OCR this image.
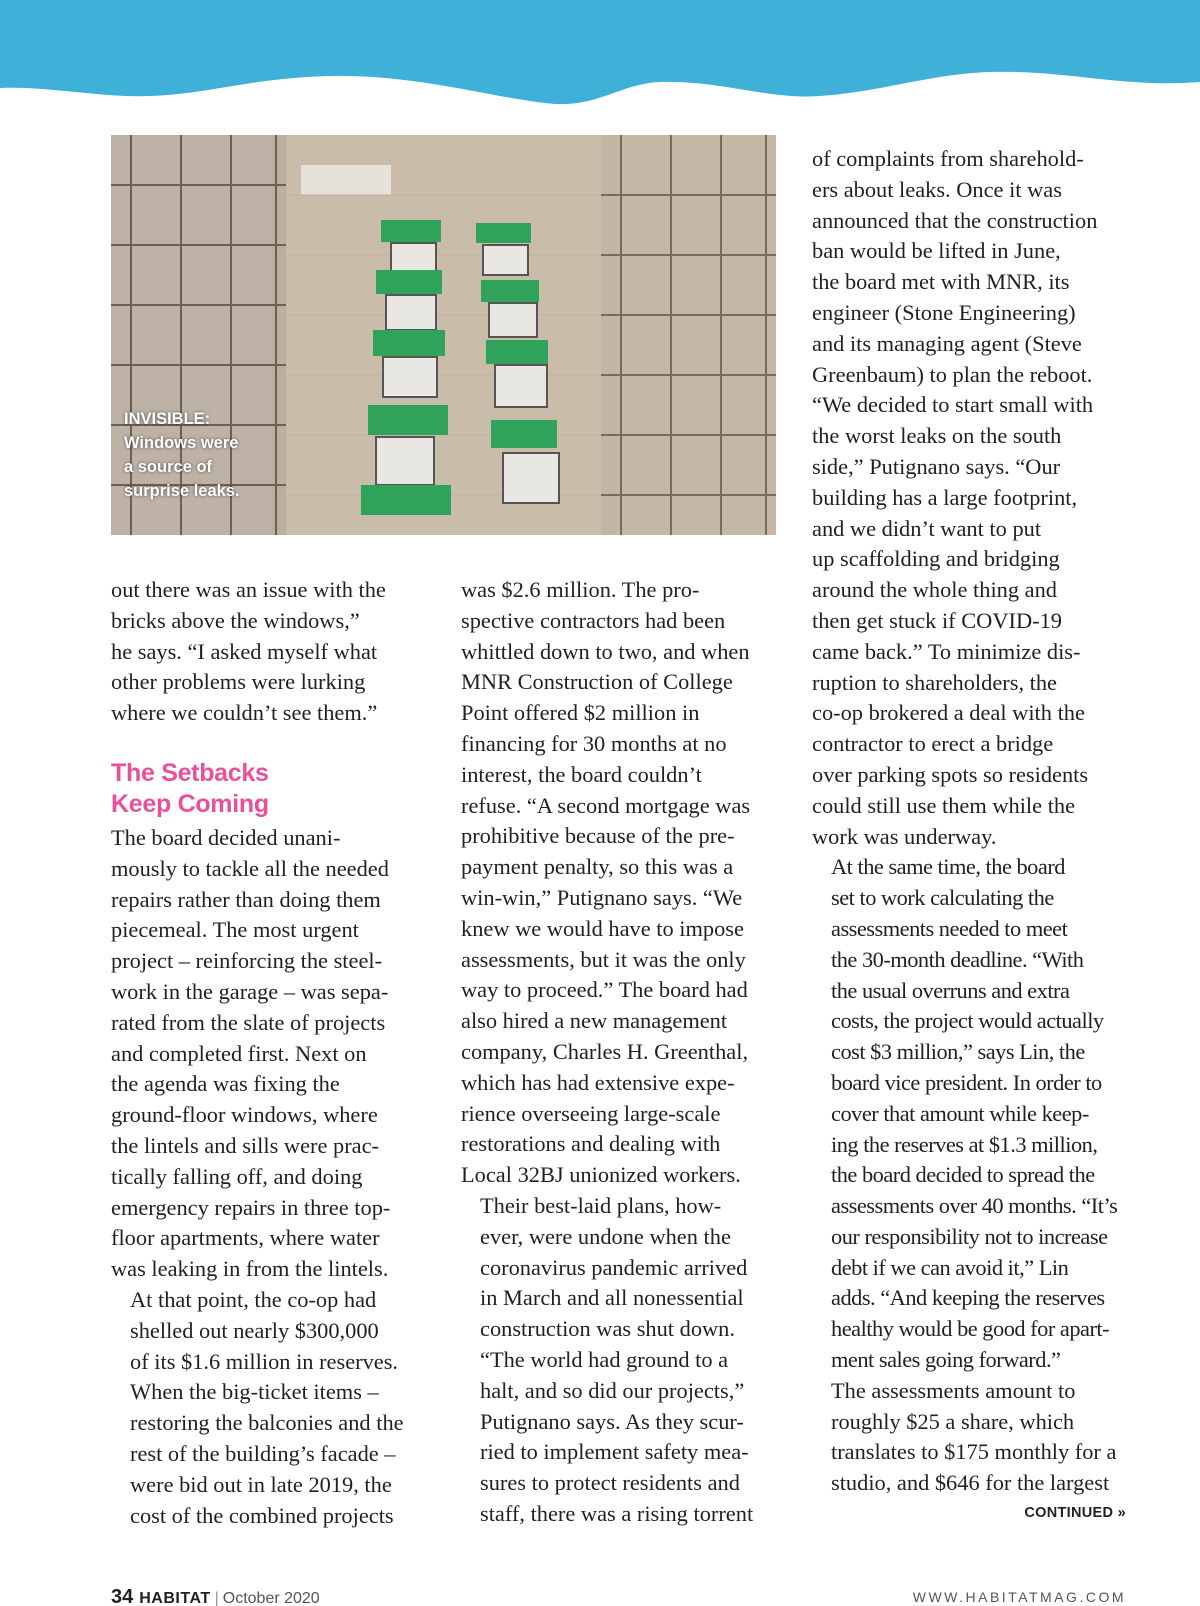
INVISIBLE:
Windows were
a source of
surprise leaks.

out there was an issue with the
bricks above the windows,”
he says. “I asked myself what
other problems were lurking
where we couldn’t see them.”

The Setbacks
Keep Coming

The board decided unani-
mously to tackle all the needed
repairs rather than doing them
piecemeal. The most urgent
project – reinforcing the steel-
work in the garage – was sepa-
rated from the slate of projects
and completed first. Next on
the agenda was fixing the
ground-floor windows, where
the lintels and sills were prac-
tically falling off, and doing
emergency repairs in three top-
floor apartments, where water
was leaking in from the lintels.

At that point, the co-op had
shelled out nearly $300,000
of its $1.6 million in reserves.
When the big-ticket items –
restoring the balconies and the
rest of the building’s facade –
were bid out in late 2019, the
cost of the combined projects

was $2.6 million. The pro-
spective contractors had been
whittled down to two, and when
MNR Construction of College
Point offered $2 million in
financing for 30 months at no
interest, the board couldn’t
refuse. “A second mortgage was
prohibitive because of the pre-
payment penalty, so this was a
win-win,” Putignano says. “We
knew we would have to impose
assessments, but it was the only
way to proceed.” The board had
also hired a new management
company, Charles H. Greenthal,
which has had extensive expe-
rience overseeing large-scale
restorations and dealing with
Local 32BJ unionized workers.

Their best-laid plans, how-
ever, were undone when the
coronavirus pandemic arrived
in March and all nonessential
construction was shut down.
“The world had ground to a
halt, and so did our projects,”
Putignano says. As they scur-
ried to implement safety mea-
sures to protect residents and
staff, there was a rising torrent

of complaints from sharehold-
ers about leaks. Once it was
announced that the construction
ban would be lifted in June,
the board met with MNR, its
engineer (Stone Engineering)
and its managing agent (Steve
Greenbaum) to plan the reboot.
“We decided to start small with
the worst leaks on the south
side,” Putignano says. “Our
building has a large footprint,
and we didn’t want to put
up scaffolding and bridging
around the whole thing and
then get stuck if COVID-19
came back.” To minimize dis-
ruption to shareholders, the
co-op brokered a deal with the
contractor to erect a bridge
over parking spots so residents
could still use them while the
work was underway.

At the same time, the board
set to work calculating the
assessments needed to meet
the 30-month deadline. “With
the usual overruns and extra
costs, the project would actually
cost $3 million,” says Lin, the
board vice president. In order to
cover that amount while keep-
ing the reserves at $1.3 million,
the board decided to spread the
assessments over 40 months. “It’s
our responsibility not to increase
debt if we can avoid it,” Lin
adds. “And keeping the reserves
healthy would be good for apart-
ment sales going forward.”

The assessments amount to
roughly $25 a share, which
translates to $175 monthly for a
studio, and $646 for the largest

CONTINUED »
34 HABITAT | October 2020	WWW.HABITATMAG.COM
